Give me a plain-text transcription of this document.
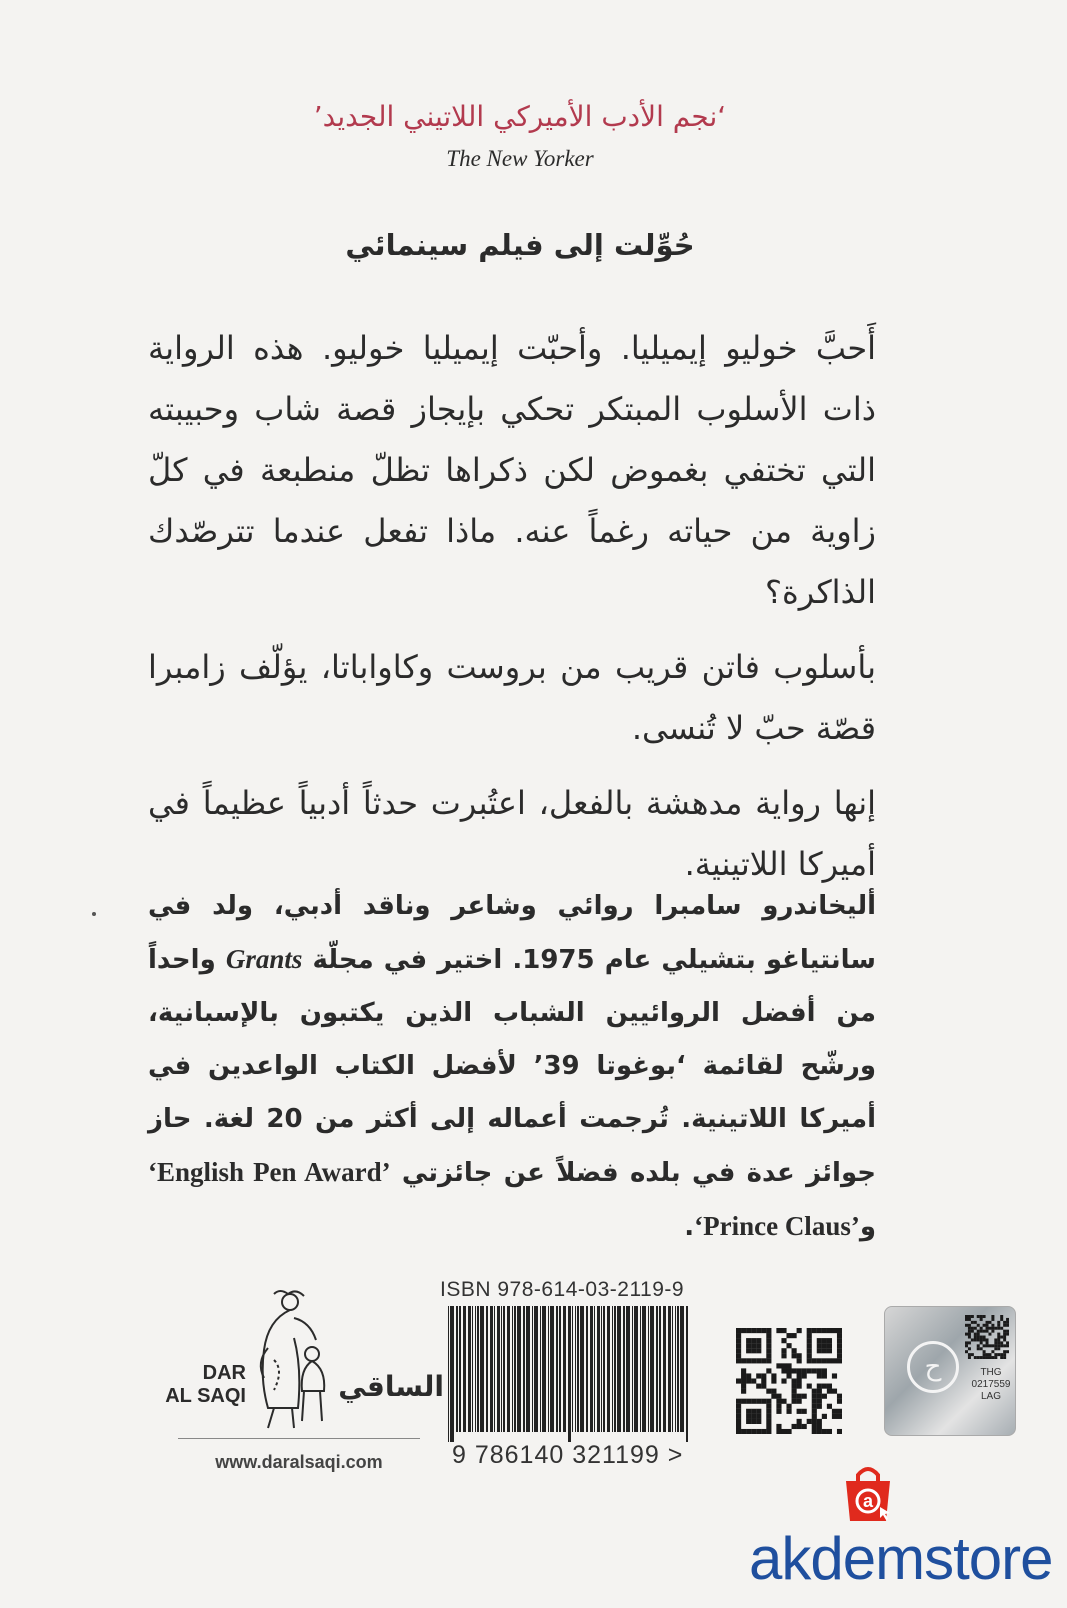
‘نجم الأدب الأميركي اللاتيني الجديد’
The New Yorker
حُوِّلت إلى فيلم سينمائي

أَحبَّ خوليو إيميليا. وأحبّت إيميليا خوليو. هذه الرواية ذات الأسلوب المبتكر تحكي بإيجاز قصة شاب وحبيبته التي تختفي بغموض لكن ذكراها تظلّ منطبعة في كلّ زاوية من حياته رغماً عنه. ماذا تفعل عندما تترصّدك الذاكرة؟

بأسلوب فاتن قريب من بروست وكاواباتا، يؤلّف زامبرا قصّة حبّ لا تُنسى.

إنها رواية مدهشة بالفعل، اعتُبرت حدثاً أدبياً عظيماً في أميركا اللاتينية.

أليخاندرو سامبرا روائي وشاعر وناقد أدبي، ولد في سانتياغو بتشيلي عام 1975. اختير في مجلّة Grants واحداً من أفضل الروائيين الشباب الذين يكتبون بالإسبانية، ورشّح لقائمة ‘بوغوتا 39’ لأفضل الكتاب الواعدين في أميركا اللاتينية. تُرجمت أعماله إلى أكثر من 20 لغة. حاز جوائز عدة في بلده فضلاً عن جائزتي ‘English Pen Award’ و‘Prince Claus’.

DAR
AL SAQI	الساقي
www.daralsaqi.com
ISBN 978-614-03-2119-9
9 786140 321199 >
ح	THG 0217559 LAG
a
akdemstore
